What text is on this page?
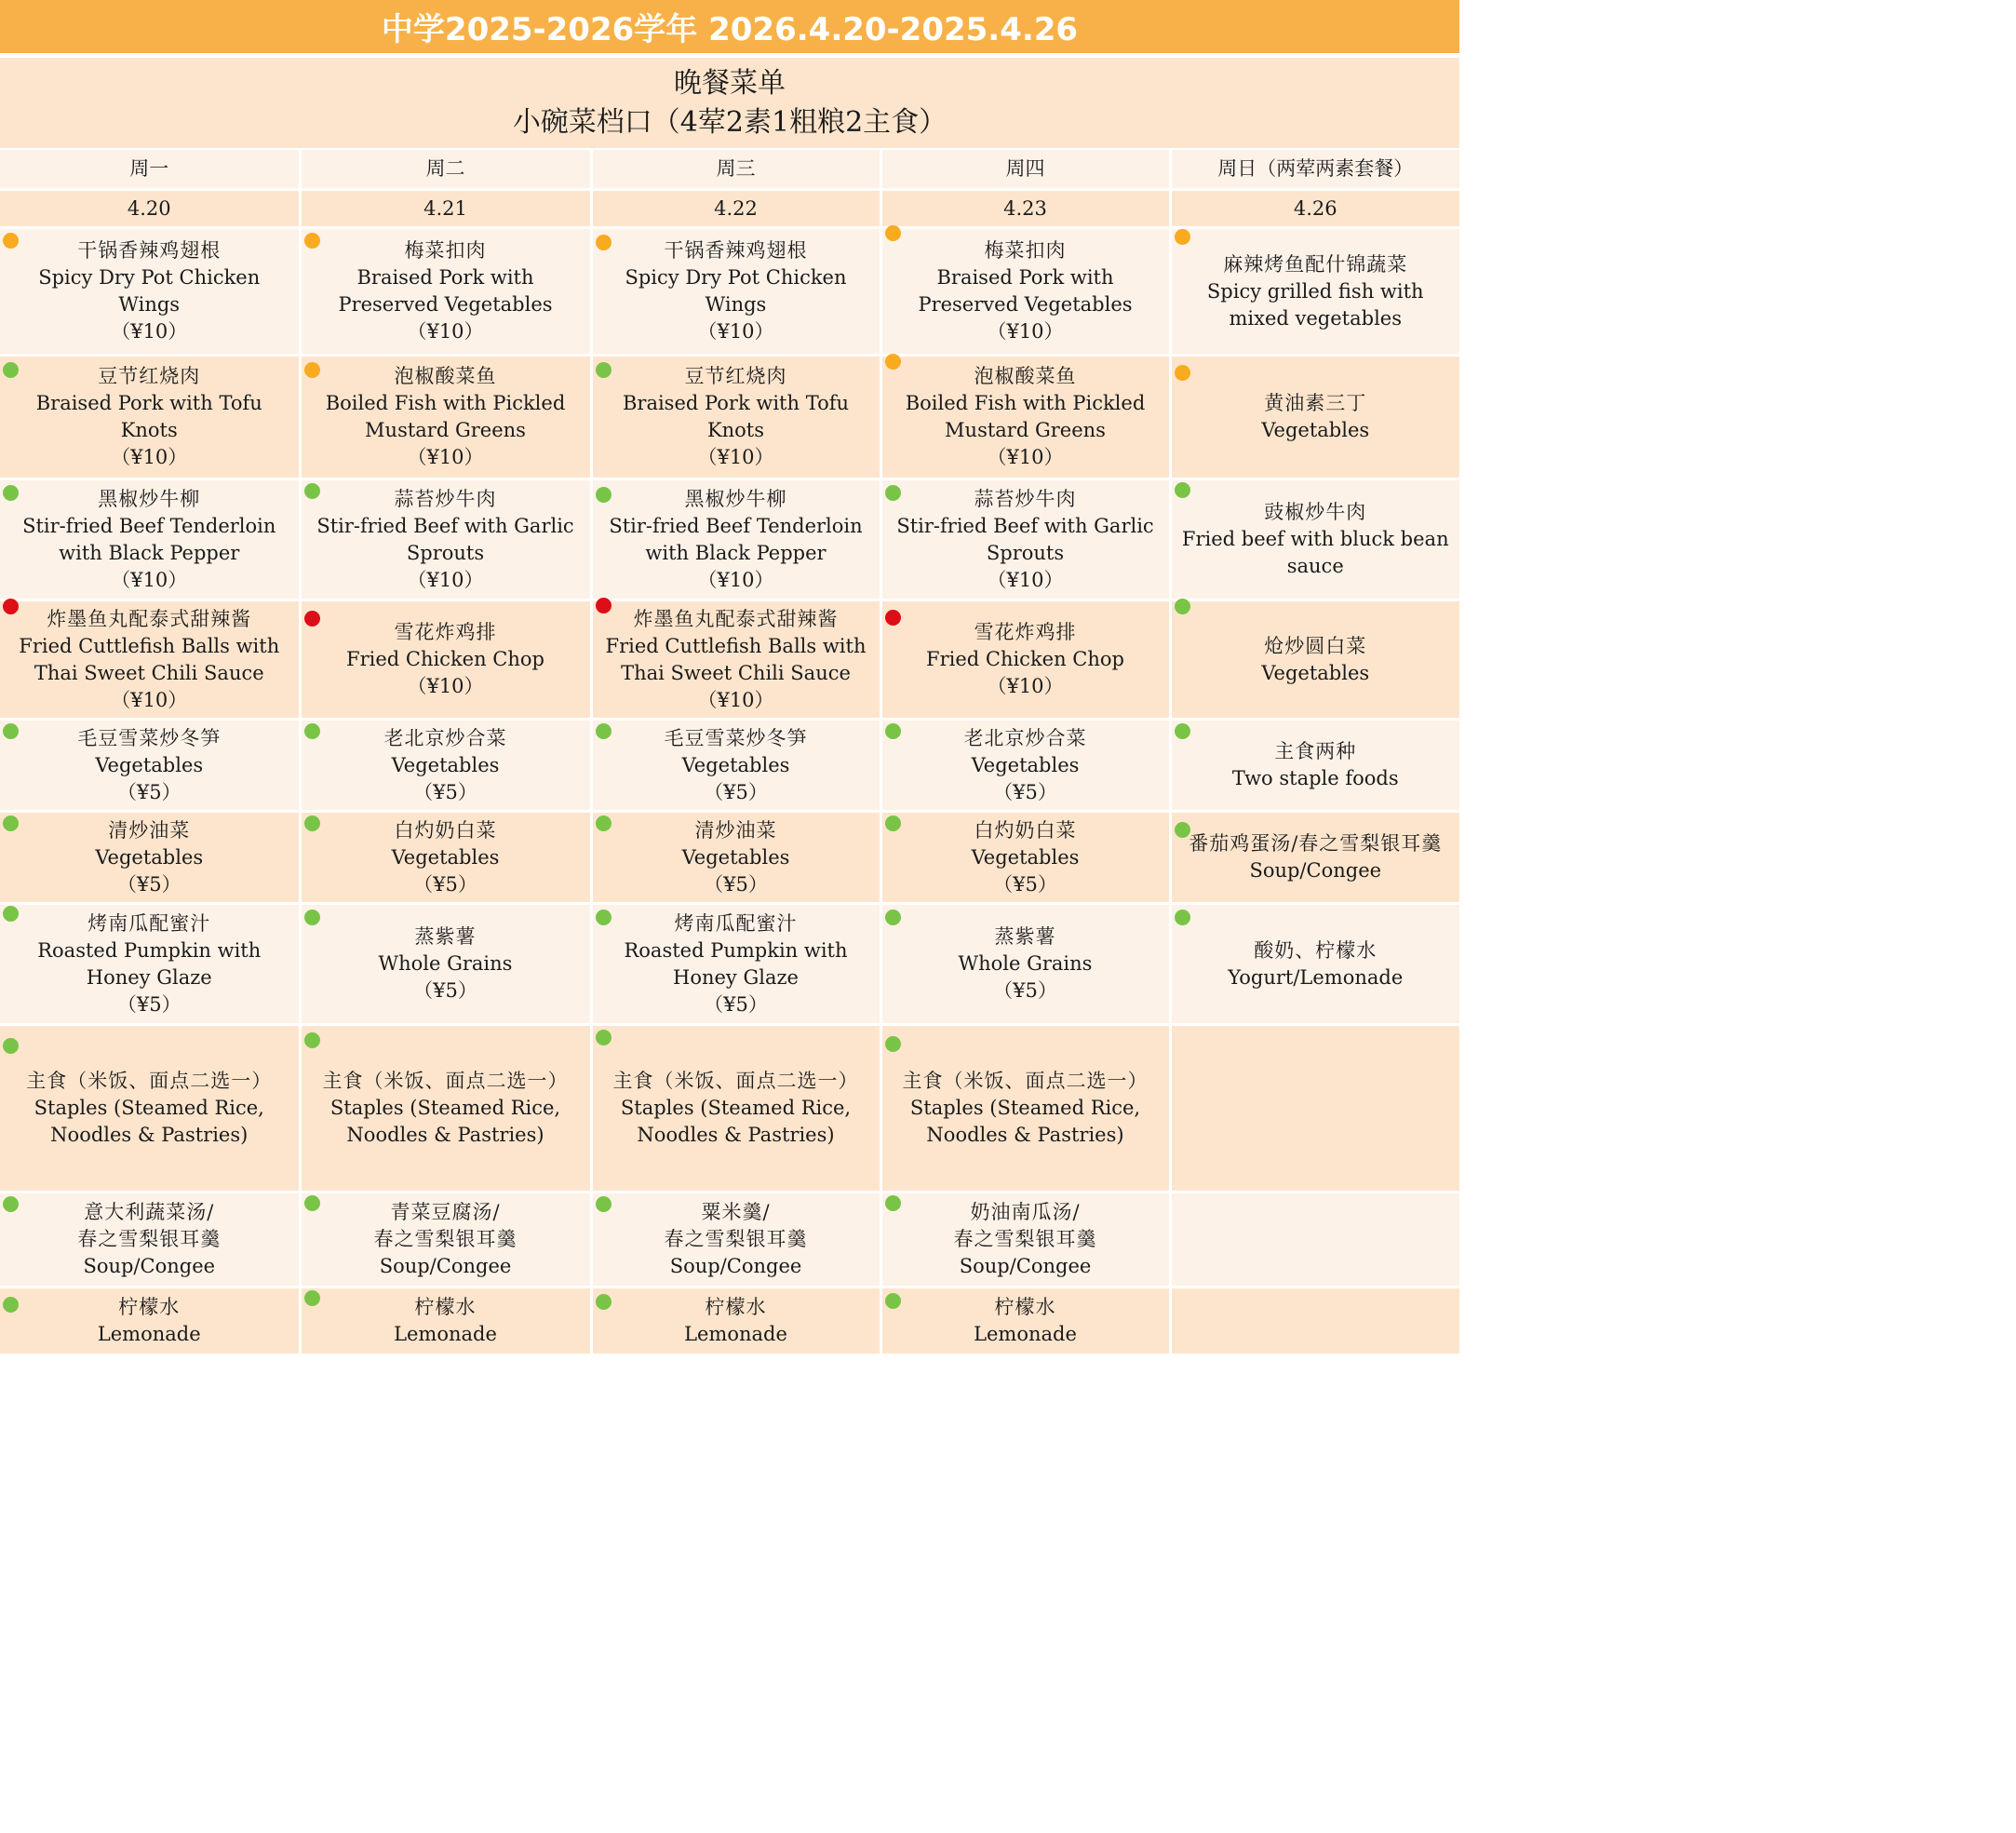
中学2025-2026学年 2026.4.20-2025.4.26
晚餐菜单
小碗菜档口（4荤2素1粗粮2主食）
周一	周二	周三	周四	周日（两荤两素套餐）
4.20	4.21	4.22	4.23	4.26

干锅香辣鸡翅根
Spicy Dry Pot Chicken Wings
（¥10）	梅菜扣肉
Braised Pork with Preserved Vegetables
（¥10）	干锅香辣鸡翅根
Spicy Dry Pot Chicken Wings
（¥10）	梅菜扣肉
Braised Pork with Preserved Vegetables
（¥10）	麻辣烤鱼配什锦蔬菜
Spicy grilled fish with mixed vegetables

豆节红烧肉
Braised Pork with Tofu Knots
（¥10）	泡椒酸菜鱼
Boiled Fish with Pickled Mustard Greens
（¥10）	豆节红烧肉
Braised Pork with Tofu Knots
（¥10）	泡椒酸菜鱼
Boiled Fish with Pickled Mustard Greens
（¥10）	黄油素三丁
Vegetables

黑椒炒牛柳
Stir-fried Beef Tenderloin with Black Pepper
（¥10）	蒜苔炒牛肉
Stir-fried Beef with Garlic Sprouts
（¥10）	黑椒炒牛柳
Stir-fried Beef Tenderloin with Black Pepper
（¥10）	蒜苔炒牛肉
Stir-fried Beef with Garlic Sprouts
（¥10）	豉椒炒牛肉
Fried beef with bluck bean sauce

炸墨鱼丸配泰式甜辣酱
Fried Cuttlefish Balls with Thai Sweet Chili Sauce
（¥10）	雪花炸鸡排
Fried Chicken Chop
（¥10）	炸墨鱼丸配泰式甜辣酱
Fried Cuttlefish Balls with Thai Sweet Chili Sauce
（¥10）	雪花炸鸡排
Fried Chicken Chop
（¥10）	炝炒圆白菜
Vegetables

毛豆雪菜炒冬笋
Vegetables
（¥5）	老北京炒合菜
Vegetables
（¥5）	毛豆雪菜炒冬笋
Vegetables
（¥5）	老北京炒合菜
Vegetables
（¥5）	主食两种
Two staple foods

清炒油菜
Vegetables
（¥5）	白灼奶白菜
Vegetables
（¥5）	清炒油菜
Vegetables
（¥5）	白灼奶白菜
Vegetables
（¥5）	番茄鸡蛋汤/春之雪梨银耳羹
Soup/Congee

烤南瓜配蜜汁
Roasted Pumpkin with Honey Glaze
（¥5）	蒸紫薯
Whole Grains
（¥5）	烤南瓜配蜜汁
Roasted Pumpkin with Honey Glaze
（¥5）	蒸紫薯
Whole Grains
（¥5）	酸奶、柠檬水
Yogurt/Lemonade

主食（米饭、面点二选一）
Staples (Steamed Rice, Noodles & Pastries)	主食（米饭、面点二选一）
Staples (Steamed Rice, Noodles & Pastries)	主食（米饭、面点二选一）
Staples (Steamed Rice, Noodles & Pastries)	主食（米饭、面点二选一）
Staples (Steamed Rice, Noodles & Pastries)	

意大利蔬菜汤/
春之雪梨银耳羹
Soup/Congee	青菜豆腐汤/
春之雪梨银耳羹
Soup/Congee	粟米羹/
春之雪梨银耳羹
Soup/Congee	奶油南瓜汤/
春之雪梨银耳羹
Soup/Congee	

柠檬水
Lemonade	柠檬水
Lemonade	柠檬水
Lemonade	柠檬水
Lemonade	
